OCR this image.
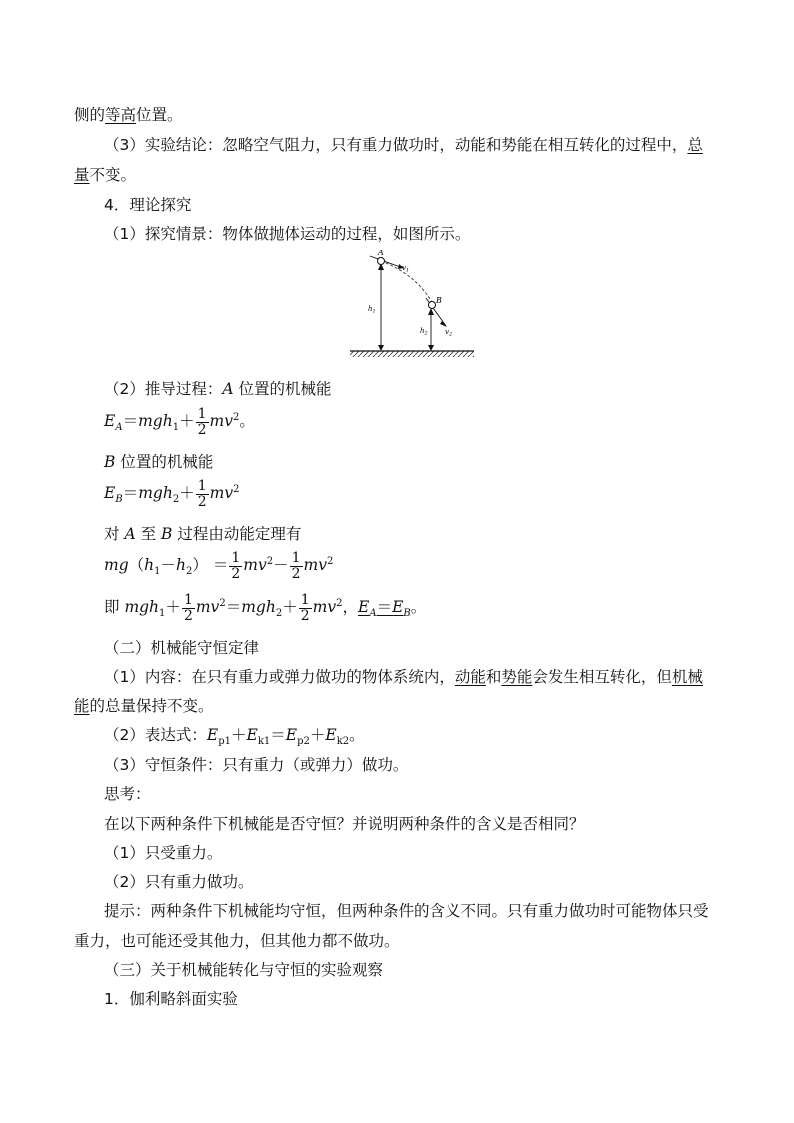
侧的等高位置。
（3）实验结论：忽略空气阻力，只有重力做功时，动能和势能在相互转化的过程中，总
量不变。
4．理论探究
（1）探究情景：物体做抛体运动的过程，如图所示。
A
B
$v_1$
$v_2$
$h_1$
$h_2$
（2）推导过程：A 位置的机械能
$E_A=mgh_1+ \frac{1}{2} mv^2$。
B 位置的机械能
$E_B=mgh_2+ \frac{1}{2} mv^2$
对 A 至 B 过程由动能定理有
$mg(h_1-h_2) = \frac{1}{2} mv^2- \frac{1}{2} mv^2$
即 $mgh_1+ \frac{1}{2} mv^2=mgh_2+ \frac{1}{2} mv^2$，$E_A=E_B$。
（二）机械能守恒定律
（1）内容：在只有重力或弹力做功的物体系统内，动能和势能会发生相互转化，但机械
能的总量保持不变。
（2）表达式：$E_{p1}+E_{k1}=E_{p2}+E_{k2}$。
（3）守恒条件：只有重力（或弹力）做功。
思考：
在以下两种条件下机械能是否守恒？并说明两种条件的含义是否相同？
（1）只受重力。
（2）只有重力做功。
提示：两种条件下机械能均守恒，但两种条件的含义不同。只有重力做功时可能物体只受
重力，也可能还受其他力，但其他力都不做功。
（三）关于机械能转化与守恒的实验观察
1．伽利略斜面实验
